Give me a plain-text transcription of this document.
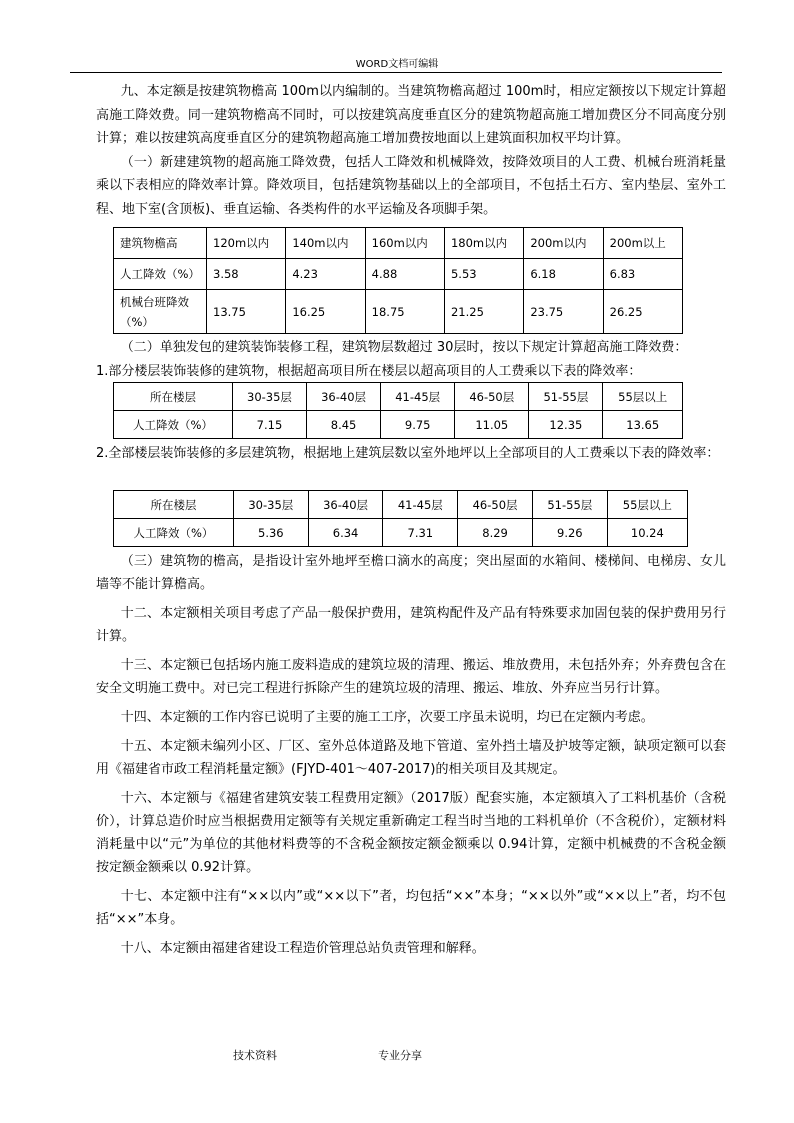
WORD文档可编辑

九、本定额是按建筑物檐高 100m以内编制的。当建筑物檐高超过 100m时，相应定额按以下规定计算超高施工降效费。同一建筑物檐高不同时，可以按建筑高度垂直区分的建筑物超高施工增加费区分不同高度分别计算；难以按建筑高度垂直区分的建筑物超高施工增加费按地面以上建筑面积加权平均计算。

（一）新建建筑物的超高施工降效费，包括人工降效和机械降效，按降效项目的人工费、机械台班消耗量乘以下表相应的降效率计算。降效项目，包括建筑物基础以上的全部项目，不包括土石方、室内垫层、室外工程、地下室(含顶板)、垂直运输、各类构件的水平运输及各项脚手架。

建筑物檐高	120m以内	140m以内	160m以内	180m以内	200m以内	200m以上
人工降效（%）	3.58	4.23	4.88	5.53	6.18	6.83
机械台班降效（%）	13.75	16.25	18.75	21.25	23.75	26.25

（二）单独发包的建筑装饰装修工程，建筑物层数超过 30层时，按以下规定计算超高施工降效费：

1.部分楼层装饰装修的建筑物，根据超高项目所在楼层以超高项目的人工费乘以下表的降效率：

所在楼层	30-35层	36-40层	41-45层	46-50层	51-55层	55层以上
人工降效（%）	7.15	8.45	9.75	11.05	12.35	13.65

2.全部楼层装饰装修的多层建筑物，根据地上建筑层数以室外地坪以上全部项目的人工费乘以下表的降效率：

所在楼层	30-35层	36-40层	41-45层	46-50层	51-55层	55层以上
人工降效（%）	5.36	6.34	7.31	8.29	9.26	10.24

（三）建筑物的檐高，是指设计室外地坪至檐口滴水的高度；突出屋面的水箱间、楼梯间、电梯房、女儿墙等不能计算檐高。

十二、本定额相关项目考虑了产品一般保护费用，建筑构配件及产品有特殊要求加固包装的保护费用另行计算。

十三、本定额已包括场内施工废料造成的建筑垃圾的清理、搬运、堆放费用，未包括外弃；外弃费包含在安全文明施工费中。对已完工程进行拆除产生的建筑垃圾的清理、搬运、堆放、外弃应当另行计算。

十四、本定额的工作内容已说明了主要的施工工序，次要工序虽未说明，均已在定额内考虑。

十五、本定额未编列小区、厂区、室外总体道路及地下管道、室外挡土墙及护坡等定额，缺项定额可以套用《福建省市政工程消耗量定额》(FJYD-401～407-2017)的相关项目及其规定。

十六、本定额与《福建省建筑安装工程费用定额》（2017版）配套实施，本定额填入了工料机基价（含税价），计算总造价时应当根据费用定额等有关规定重新确定工程当时当地的工料机单价（不含税价），定额材料消耗量中以“元”为单位的其他材料费等的不含税金额按定额金额乘以 0.94计算，定额中机械费的不含税金额按定额金额乘以 0.92计算。

十七、本定额中注有“××以内”或“××以下”者，均包括“××”本身；“××以外”或“××以上”者，均不包括“××”本身。

十八、本定额由福建省建设工程造价管理总站负责管理和解释。

技术资料	专业分享
